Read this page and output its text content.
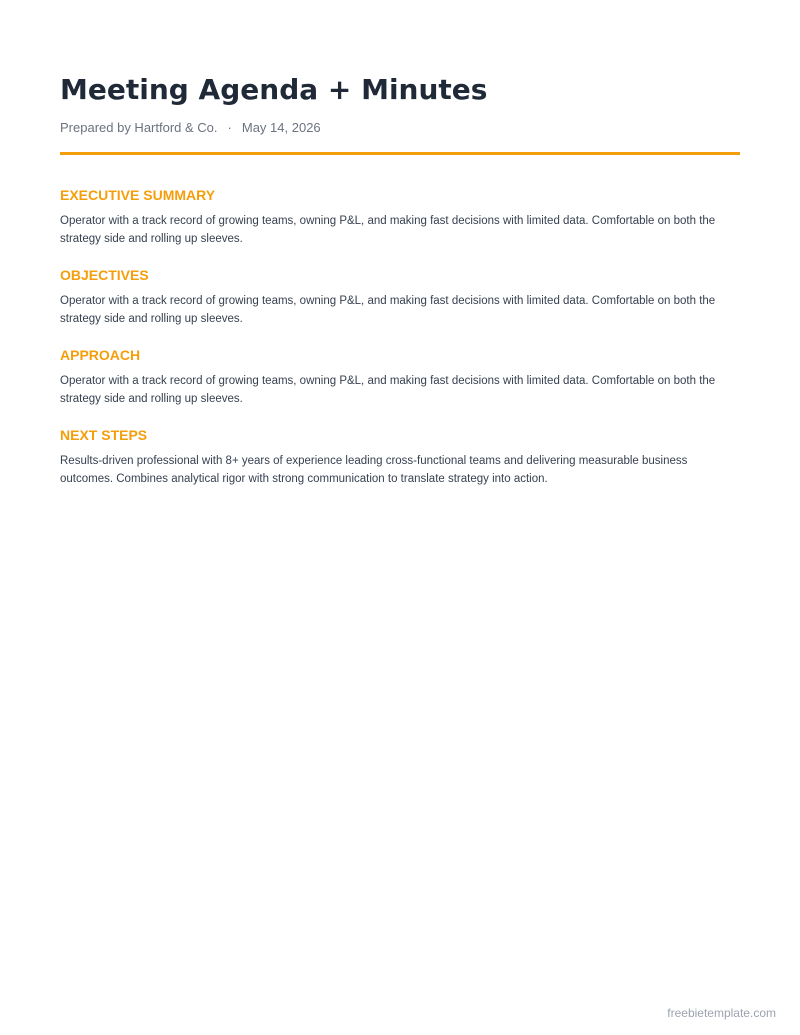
Meeting Agenda + Minutes
Prepared by Hartford & Co. · May 14, 2026
EXECUTIVE SUMMARY

Operator with a track record of growing teams, owning P&L, and making fast decisions with limited data. Comfortable on both the strategy side and rolling up sleeves.

OBJECTIVES

Operator with a track record of growing teams, owning P&L, and making fast decisions with limited data. Comfortable on both the strategy side and rolling up sleeves.

APPROACH

Operator with a track record of growing teams, owning P&L, and making fast decisions with limited data. Comfortable on both the strategy side and rolling up sleeves.

NEXT STEPS

Results-driven professional with 8+ years of experience leading cross-functional teams and delivering measurable business outcomes. Combines analytical rigor with strong communication to translate strategy into action.

freebietemplate.com
